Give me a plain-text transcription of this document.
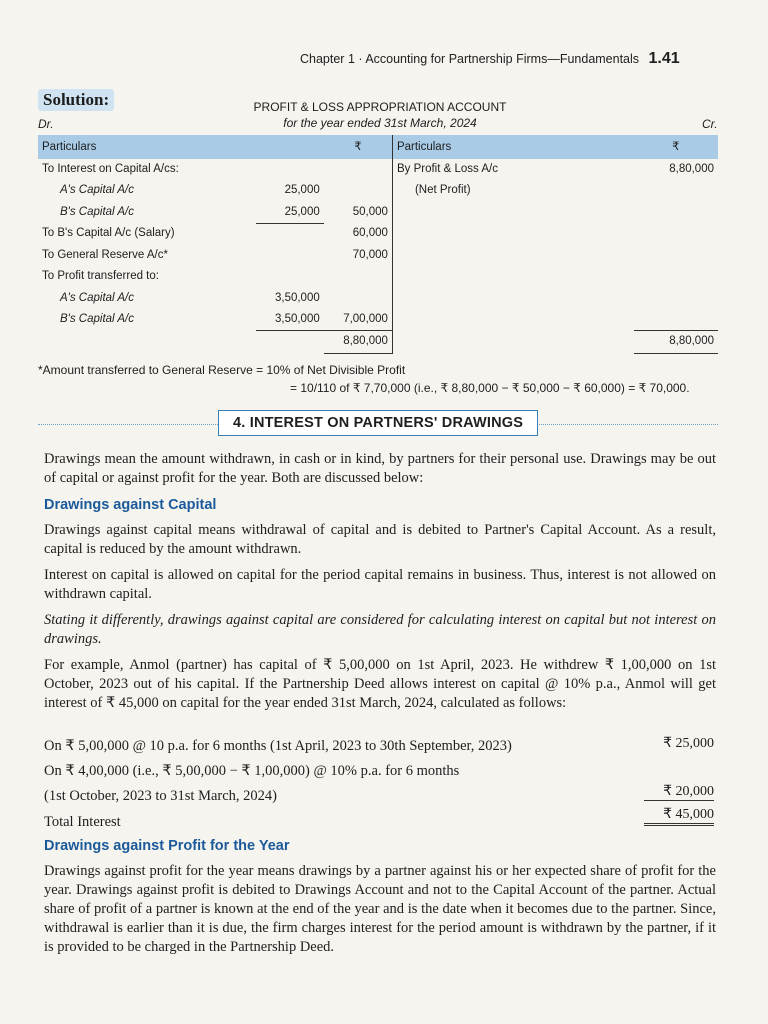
Chapter 1 · Accounting for Partnership Firms—Fundamentals 1.41
Solution:	PROFIT & LOSS APPROPRIATION ACCOUNT
for the year ended 31st March, 2024
Dr.	Cr.
Particulars		₹	Particulars	₹
To Interest on Capital A/cs:			By Profit & Loss A/c	8,80,000
A's Capital A/c	25,000		(Net Profit)	
B's Capital A/c	25,000	50,000		
To B's Capital A/c (Salary)		60,000		
To General Reserve A/c*		70,000		
To Profit transferred to:				
A's Capital A/c	3,50,000			
B's Capital A/c	3,50,000	7,00,000		
		8,80,000		8,80,000
*Amount transferred to General Reserve = 10% of Net Divisible Profit
= 10/110 of ₹ 7,70,000 (i.e., ₹ 8,80,000 − ₹ 50,000 − ₹ 60,000) = ₹ 70,000.
4. INTEREST ON PARTNERS' DRAWINGS
Drawings mean the amount withdrawn, in cash or in kind, by partners for their personal use. Drawings may be out of capital or against profit for the year. Both are discussed below:
Drawings against Capital
Drawings against capital means withdrawal of capital and is debited to Partner's Capital Account. As a result, capital is reduced by the amount withdrawn.
Interest on capital is allowed on capital for the period capital remains in business. Thus, interest is not allowed on withdrawn capital.
Stating it differently, drawings against capital are considered for calculating interest on capital but not interest on drawings.
For example, Anmol (partner) has capital of ₹ 5,00,000 on 1st April, 2023. He withdrew ₹ 1,00,000 on 1st October, 2023 out of his capital. If the Partnership Deed allows interest on capital @ 10% p.a., Anmol will get interest of ₹ 45,000 on capital for the year ended 31st March, 2024, calculated as follows:
On ₹ 5,00,000 @ 10 p.a. for 6 months (1st April, 2023 to 30th September, 2023)	₹ 25,000
On ₹ 4,00,000 (i.e., ₹ 5,00,000 − ₹ 1,00,000) @ 10% p.a. for 6 months
(1st October, 2023 to 31st March, 2024)	₹ 20,000
Total Interest	₹ 45,000
Drawings against Profit for the Year
Drawings against profit for the year means drawings by a partner against his or her expected share of profit for the year. Drawings against profit is debited to Drawings Account and not to the Capital Account of the partner. Actual share of profit of a partner is known at the end of the year and is the date when it becomes due to the partner. Since, withdrawal is earlier than it is due, the firm charges interest for the period amount is withdrawn by the partner, if it is provided to be charged in the Partnership Deed.
